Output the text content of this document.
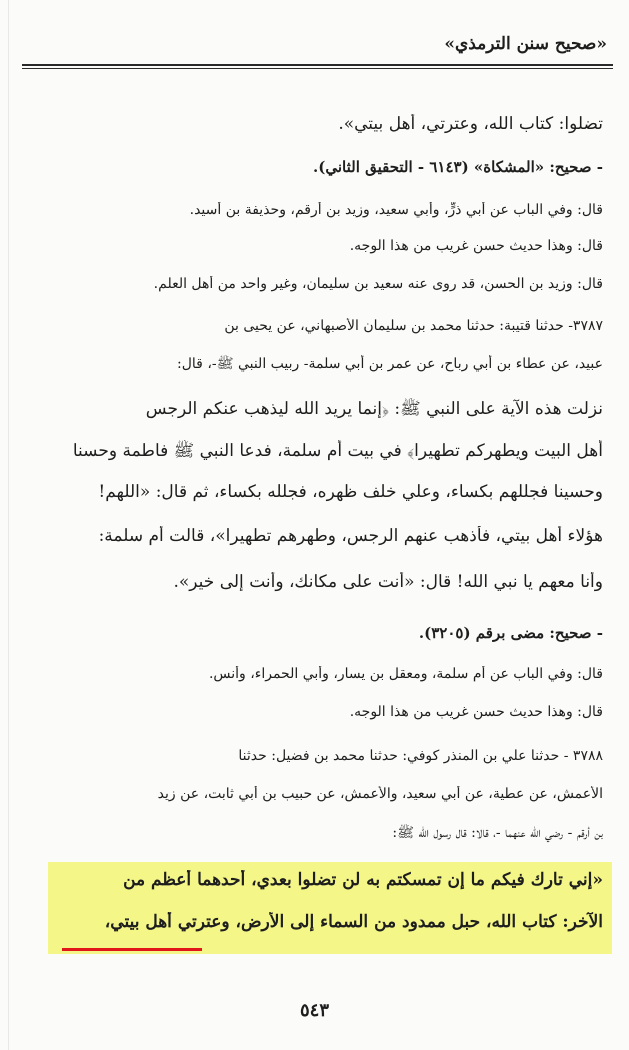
«صحيح سنن الترمذي»
تضلوا: كتاب الله، وعترتي، أهل بيتي».
- صحيح: «المشكاة» (٦١٤٣ - التحقيق الثاني).
قال: وفي الباب عن أبي ذرٍّ، وأبي سعيد، وزيد بن أرقم، وحذيفة بن أسيد.
قال: وهذا حديث حسن غريب من هذا الوجه.
قال: وزيد بن الحسن، قد روى عنه سعيد بن سليمان، وغير واحد من أهل العلم.
٣٧٨٧- حدثنا قتيبة: حدثنا محمد بن سليمان الأصبهاني، عن يحيى بن
عبيد، عن عطاء بن أبي رباح، عن عمر بن أبي سلمة- ربيب النبي ﷺ-، قال:
نزلت هذه الآية على النبي ﷺ: ﴿إنما يريد الله ليذهب عنكم الرجس
أهل البيت ويطهركم تطهيرا﴾ في بيت أم سلمة، فدعا النبي ﷺ فاطمة وحسنا
وحسينا فجللهم بكساء، وعلي خلف ظهره، فجلله بكساء، ثم قال: «اللهم!
هؤلاء أهل بيتي، فأذهب عنهم الرجس، وطهرهم تطهيرا»، قالت أم سلمة:
وأنا معهم يا نبي الله! قال: «أنت على مكانك، وأنت إلى خير».
- صحيح: مضى برقم (٣٢٠٥).
قال: وفي الباب عن أم سلمة، ومعقل بن يسار، وأبي الحمراء، وأنس.
قال: وهذا حديث حسن غريب من هذا الوجه.
٣٧٨٨ - حدثنا علي بن المنذر كوفي: حدثنا محمد بن فضيل: حدثنا
الأعمش، عن عطية، عن أبي سعيد، والأعمش، عن حبيب بن أبي ثابت، عن زيد
بن أرقم - رضي الله عنهما -، قالا: قال رسول الله ﷺ:
«إني تارك فيكم ما إن تمسكتم به لن تضلوا بعدي، أحدهما أعظم من
الآخر: كتاب الله، حبل ممدود من السماء إلى الأرض، وعترتي أهل بيتي،
٥٤٣
